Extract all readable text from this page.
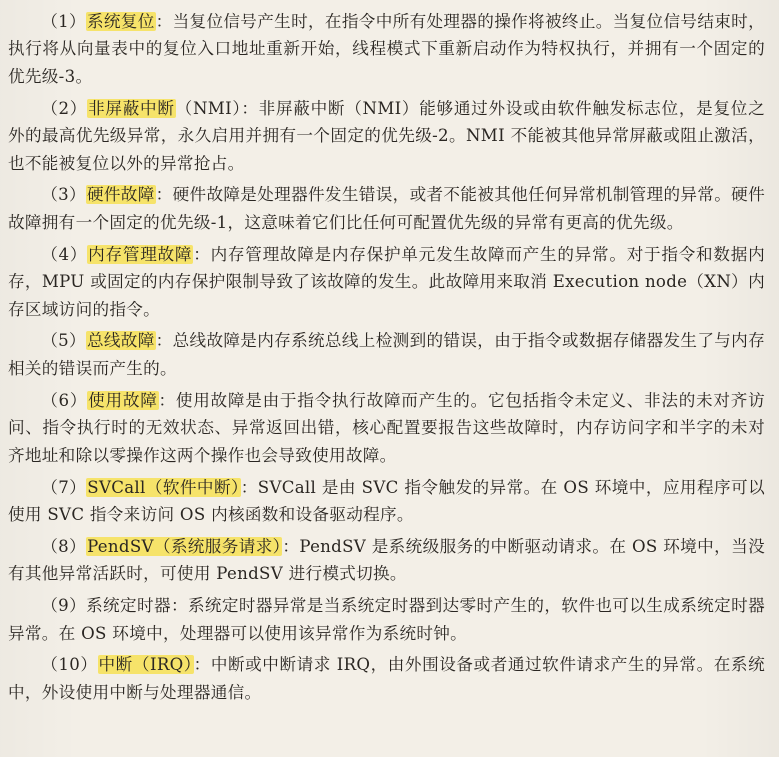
（1）系统复位：当复位信号产生时，在指令中所有处理器的操作将被终止。当复位信号结束时，执行将从向量表中的复位入口地址重新开始，线程模式下重新启动作为特权执行，并拥有一个固定的优先级-3。

（2）非屏蔽中断（NMI）：非屏蔽中断（NMI）能够通过外设或由软件触发标志位，是复位之外的最高优先级异常，永久启用并拥有一个固定的优先级-2。NMI 不能被其他异常屏蔽或阻止激活，也不能被复位以外的异常抢占。

（3）硬件故障：硬件故障是处理器件发生错误，或者不能被其他任何异常机制管理的异常。硬件故障拥有一个固定的优先级-1，这意味着它们比任何可配置优先级的异常有更高的优先级。

（4）内存管理故障：内存管理故障是内存保护单元发生故障而产生的异常。对于指令和数据内存，MPU 或固定的内存保护限制导致了该故障的发生。此故障用来取消 Execution node（XN）内存区域访问的指令。

（5）总线故障：总线故障是内存系统总线上检测到的错误，由于指令或数据存储器发生了与内存相关的错误而产生的。

（6）使用故障：使用故障是由于指令执行故障而产生的。它包括指令未定义、非法的未对齐访问、指令执行时的无效状态、异常返回出错，核心配置要报告这些故障时，内存访问字和半字的未对齐地址和除以零操作这两个操作也会导致使用故障。

（7）SVCall（软件中断）：SVCall 是由 SVC 指令触发的异常。在 OS 环境中，应用程序可以使用 SVC 指令来访问 OS 内核函数和设备驱动程序。

（8）PendSV（系统服务请求）：PendSV 是系统级服务的中断驱动请求。在 OS 环境中，当没有其他异常活跃时，可使用 PendSV 进行模式切换。

（9）系统定时器：系统定时器异常是当系统定时器到达零时产生的，软件也可以生成系统定时器异常。在 OS 环境中，处理器可以使用该异常作为系统时钟。

（10）中断（IRQ）：中断或中断请求 IRQ，由外围设备或者通过软件请求产生的异常。在系统中，外设使用中断与处理器通信。
